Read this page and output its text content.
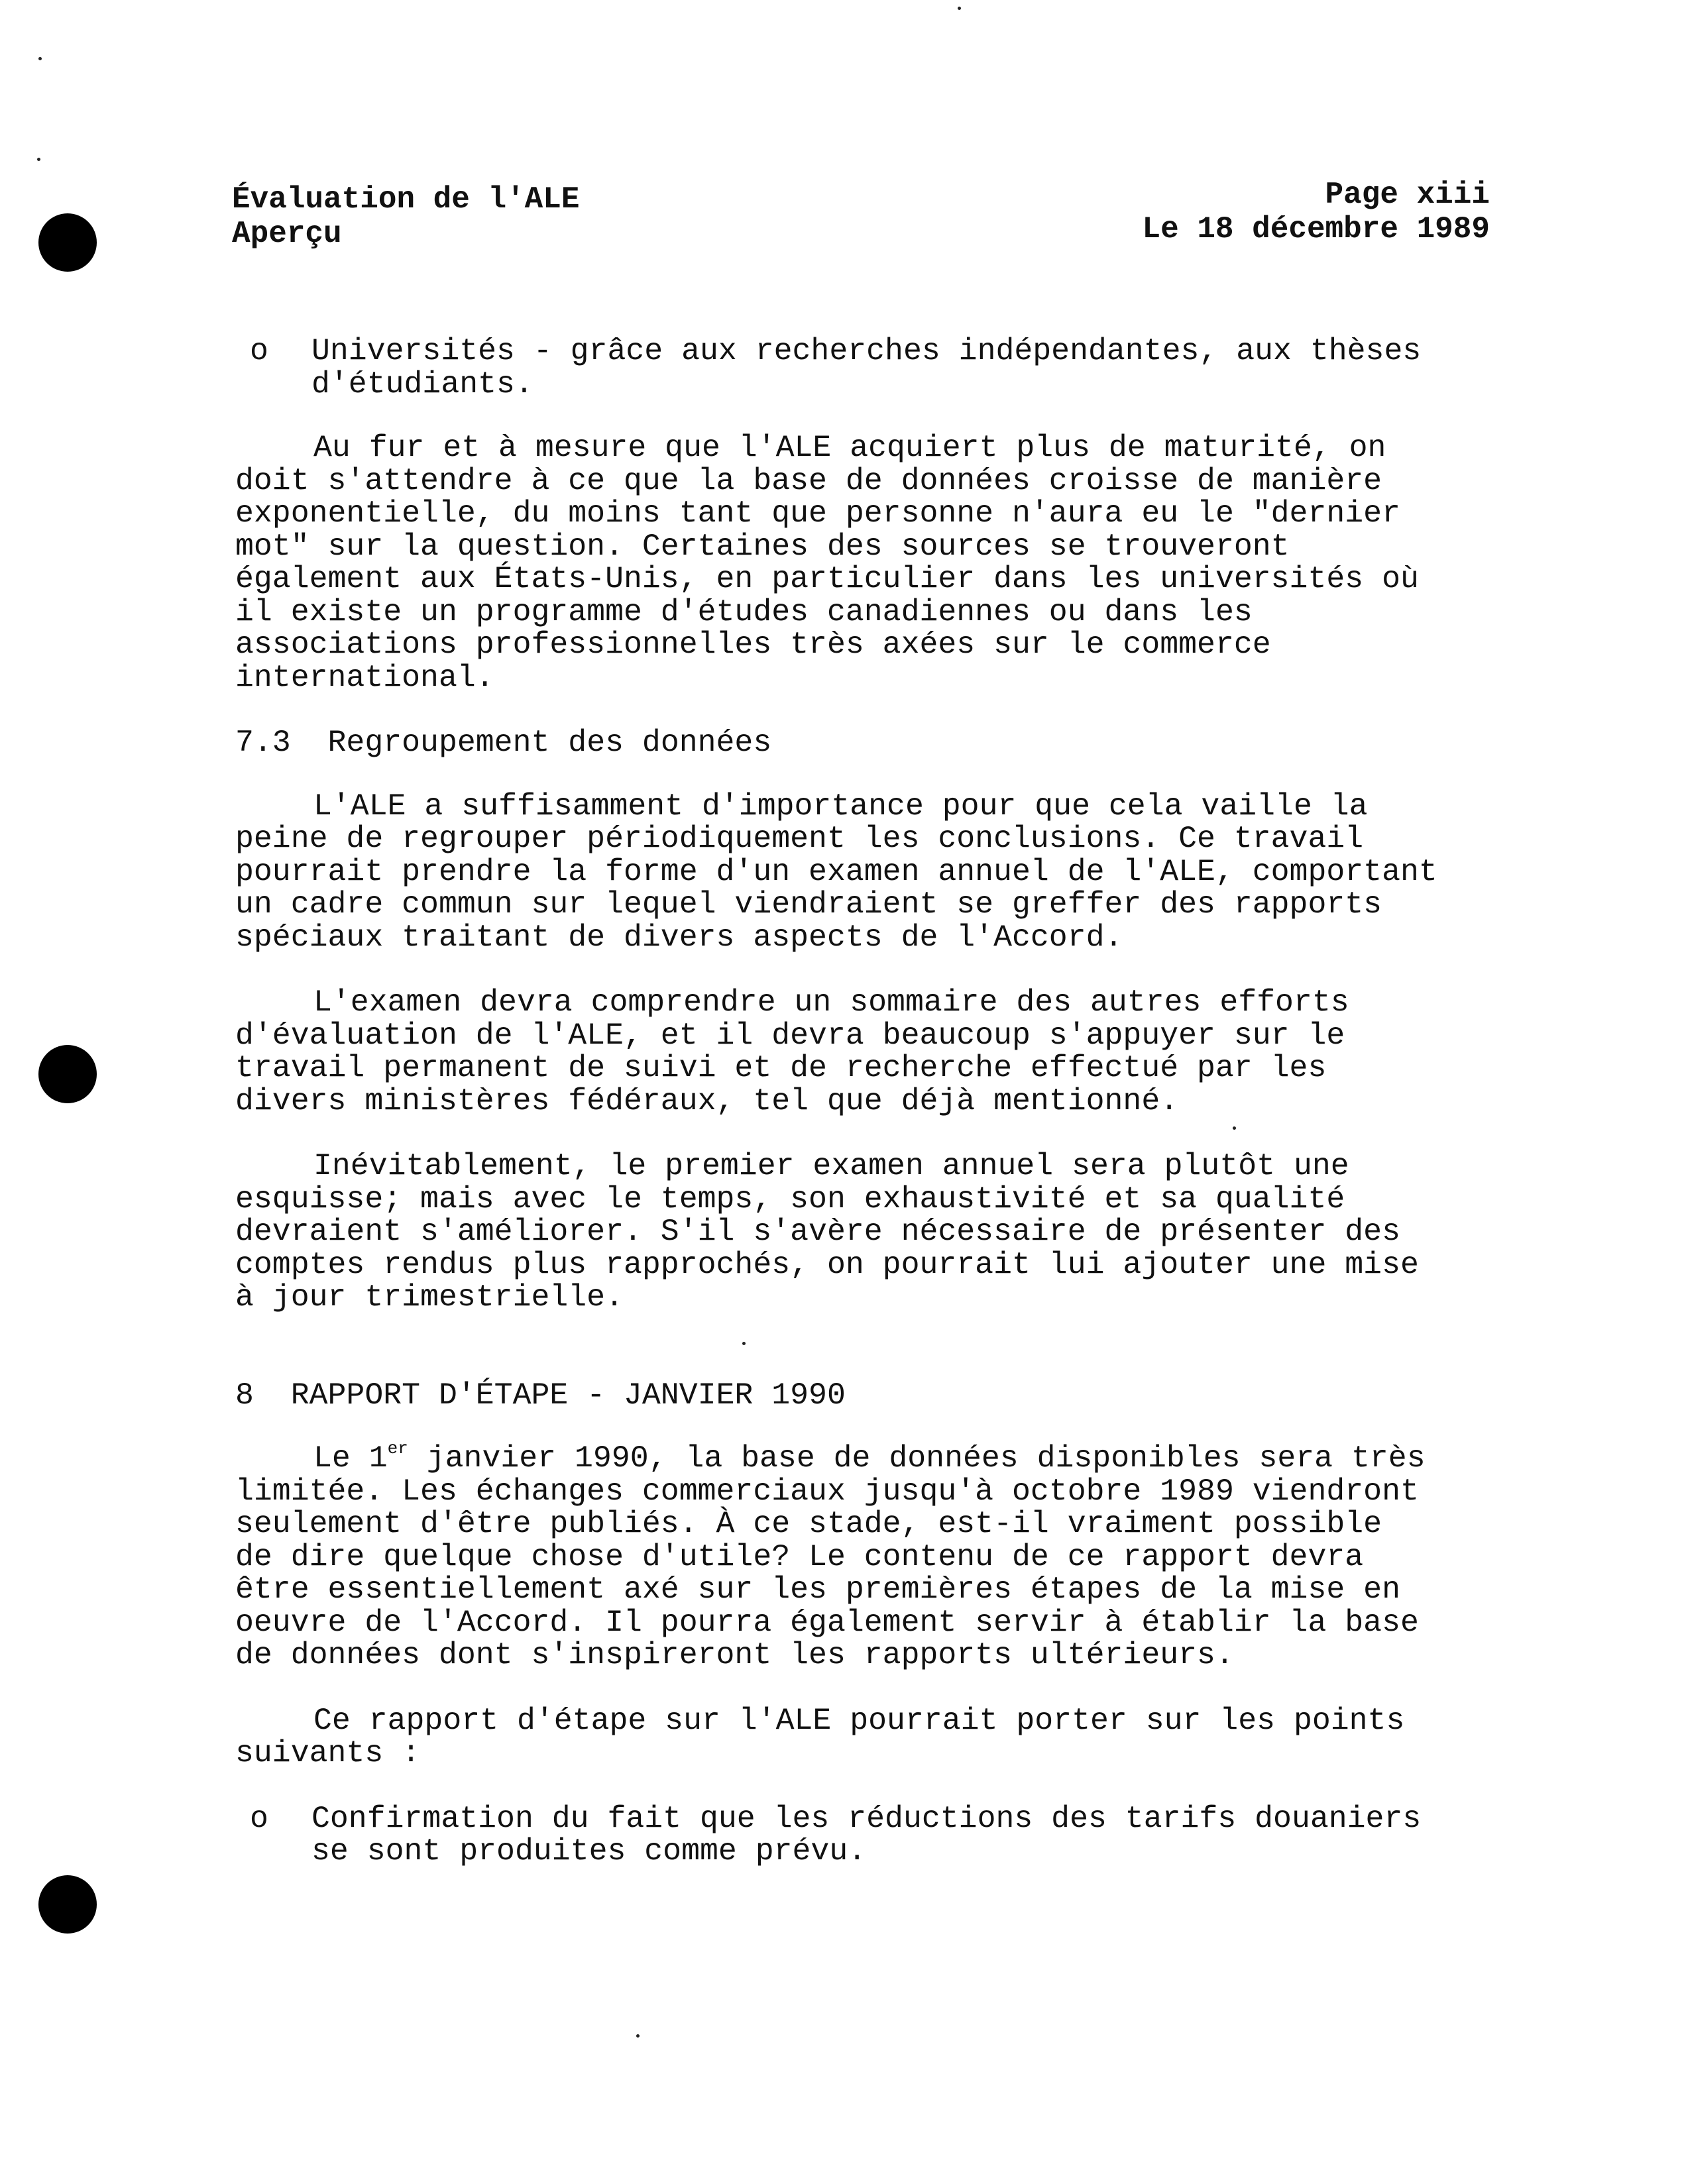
Évaluation de l'ALE
Aperçu
Page xiii
Le 18 décembre 1989

o Universités - grâce aux recherches indépendantes, aux thèses
d'étudiants.

Au fur et à mesure que l'ALE acquiert plus de maturité, on
doit s'attendre à ce que la base de données croisse de manière
exponentielle, du moins tant que personne n'aura eu le "dernier
mot" sur la question. Certaines des sources se trouveront
également aux États-Unis, en particulier dans les universités où
il existe un programme d'études canadiennes ou dans les
associations professionnelles très axées sur le commerce
international.

7.3 Regroupement des données

L'ALE a suffisamment d'importance pour que cela vaille la
peine de regrouper périodiquement les conclusions. Ce travail
pourrait prendre la forme d'un examen annuel de l'ALE, comportant
un cadre commun sur lequel viendraient se greffer des rapports
spéciaux traitant de divers aspects de l'Accord.

L'examen devra comprendre un sommaire des autres efforts
d'évaluation de l'ALE, et il devra beaucoup s'appuyer sur le
travail permanent de suivi et de recherche effectué par les
divers ministères fédéraux, tel que déjà mentionné.

Inévitablement, le premier examen annuel sera plutôt une
esquisse; mais avec le temps, son exhaustivité et sa qualité
devraient s'améliorer. S'il s'avère nécessaire de présenter des
comptes rendus plus rapprochés, on pourrait lui ajouter une mise
à jour trimestrielle.

8 RAPPORT D'ÉTAPE - JANVIER 1990

Le 1er janvier 1990, la base de données disponibles sera très
limitée. Les échanges commerciaux jusqu'à octobre 1989 viendront
seulement d'être publiés. À ce stade, est-il vraiment possible
de dire quelque chose d'utile? Le contenu de ce rapport devra
être essentiellement axé sur les premières étapes de la mise en
oeuvre de l'Accord. Il pourra également servir à établir la base
de données dont s'inspireront les rapports ultérieurs.

Ce rapport d'étape sur l'ALE pourrait porter sur les points
suivants :

o Confirmation du fait que les réductions des tarifs douaniers
se sont produites comme prévu.
